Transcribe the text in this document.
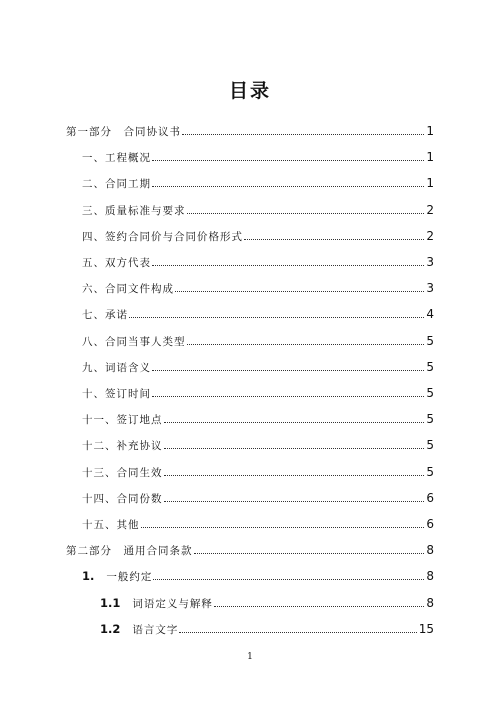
目录
第一部分　合同协议书	1
一、工程概况	1
二、合同工期	1
三、质量标准与要求	2
四、签约合同价与合同价格形式	2
五、双方代表	3
六、合同文件构成	3
七、承诺	4
八、合同当事人类型	5
九、词语含义	5
十、签订时间	5
十一、签订地点	5
十二、补充协议	5
十三、合同生效	5
十四、合同份数	6
十五、其他	6
第二部分　通用合同条款	8
1. 一般约定	8
1.1 词语定义与解释	8
1.2 语言文字	15
1
